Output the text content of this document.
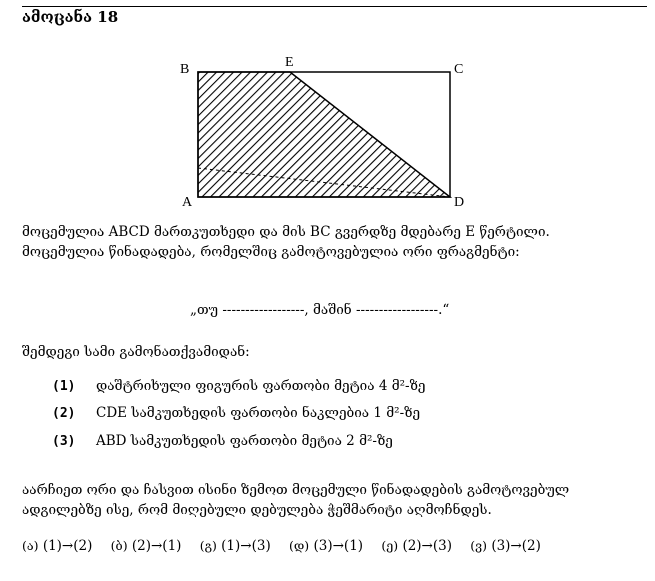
ამოცანა 18
B	E	C
A	D
მოცემულია ABCD მართკუთხედი და მის BC გვერდზე მდებარე E წერტილი.
მოცემულია წინადადება, რომელშიც გამოტოვებულია ორი ფრაგმენტი:
„თუ ------------------, მაშინ ------------------.“
შემდეგი სამი გამონათქვამიდან:
(1) დაშტრიხული ფიგურის ფართობი მეტია 4 მ²-ზე
(2) CDE სამკუთხედის ფართობი ნაკლებია 1 მ²-ზე
(3) ABD სამკუთხედის ფართობი მეტია 2 მ²-ზე
აარჩიეთ ორი და ჩასვით ისინი ზემოთ მოცემული წინადადების გამოტოვებულ
ადგილებზე ისე, რომ მიღებული დებულება ჭეშმარიტი აღმოჩნდეს.
(ა) (1)→(2) (ბ) (2)→(1) (გ) (1)→(3) (დ) (3)→(1) (ე) (2)→(3) (ვ) (3)→(2)
